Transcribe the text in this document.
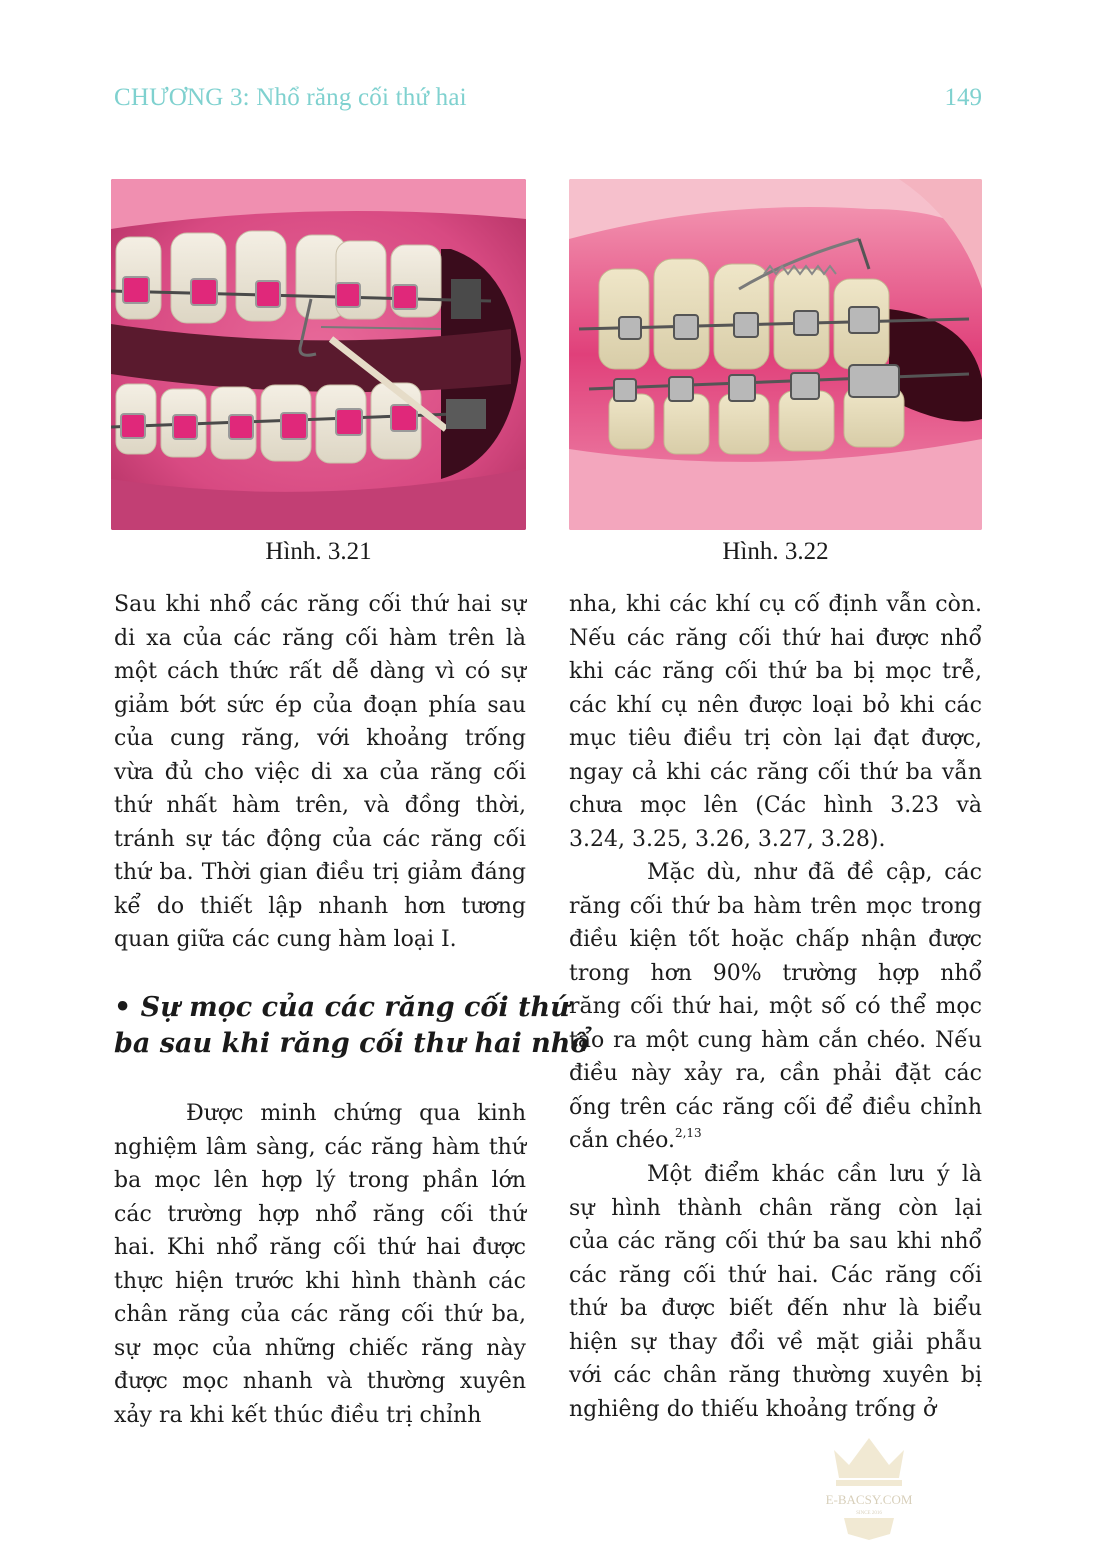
CHƯƠNG 3: Nhổ răng cối thứ hai	149
Hình. 3.21	Hình. 3.22
Sau khi nhổ các răng cối thứ hai sự
di xa của các răng cối hàm trên là
một cách thức rất dễ dàng vì có sự
giảm bớt sức ép của đoạn phía sau
của cung răng, với khoảng trống
vừa đủ cho việc di xa của răng cối
thứ nhất hàm trên, và đồng thời,
tránh sự tác động của các răng cối
thứ ba. Thời gian điều trị giảm đáng
kể do thiết lập nhanh hơn tương
quan giữa các cung hàm loại I.
• Sự mọc của các răng cối thứ
ba sau khi răng cối thư hai nhổ
Được minh chứng qua kinh
nghiệm lâm sàng, các răng hàm thứ
ba mọc lên hợp lý trong phần lớn
các trường hợp nhổ răng cối thứ
hai. Khi nhổ răng cối thứ hai được
thực hiện trước khi hình thành các
chân răng của các răng cối thứ ba,
sự mọc của những chiếc răng này
được mọc nhanh và thường xuyên
xảy ra khi kết thúc điều trị chỉnh
nha, khi các khí cụ cố định vẫn còn.
Nếu các răng cối thứ hai được nhổ
khi các răng cối thứ ba bị mọc trễ,
các khí cụ nên được loại bỏ khi các
mục tiêu điều trị còn lại đạt được,
ngay cả khi các răng cối thứ ba vẫn
chưa mọc lên (Các hình 3.23 và
3.24, 3.25, 3.26, 3.27, 3.28).
Mặc dù, như đã đề cập, các
răng cối thứ ba hàm trên mọc trong
điều kiện tốt hoặc chấp nhận được
trong hơn 90% trường hợp nhổ
răng cối thứ hai, một số có thể mọc
tạo ra một cung hàm cắn chéo. Nếu
điều này xảy ra, cần phải đặt các
ống trên các răng cối để điều chỉnh
cắn chéo.$^{2,13}$
Một điểm khác cần lưu ý là
sự hình thành chân răng còn lại
của các răng cối thứ ba sau khi nhổ
các răng cối thứ hai. Các răng cối
thứ ba được biết đến như là biểu
hiện sự thay đổi về mặt giải phẫu
với các chân răng thường xuyên bị
nghiêng do thiếu khoảng trống ở
E-BACSY.COM
SINCE 2016
